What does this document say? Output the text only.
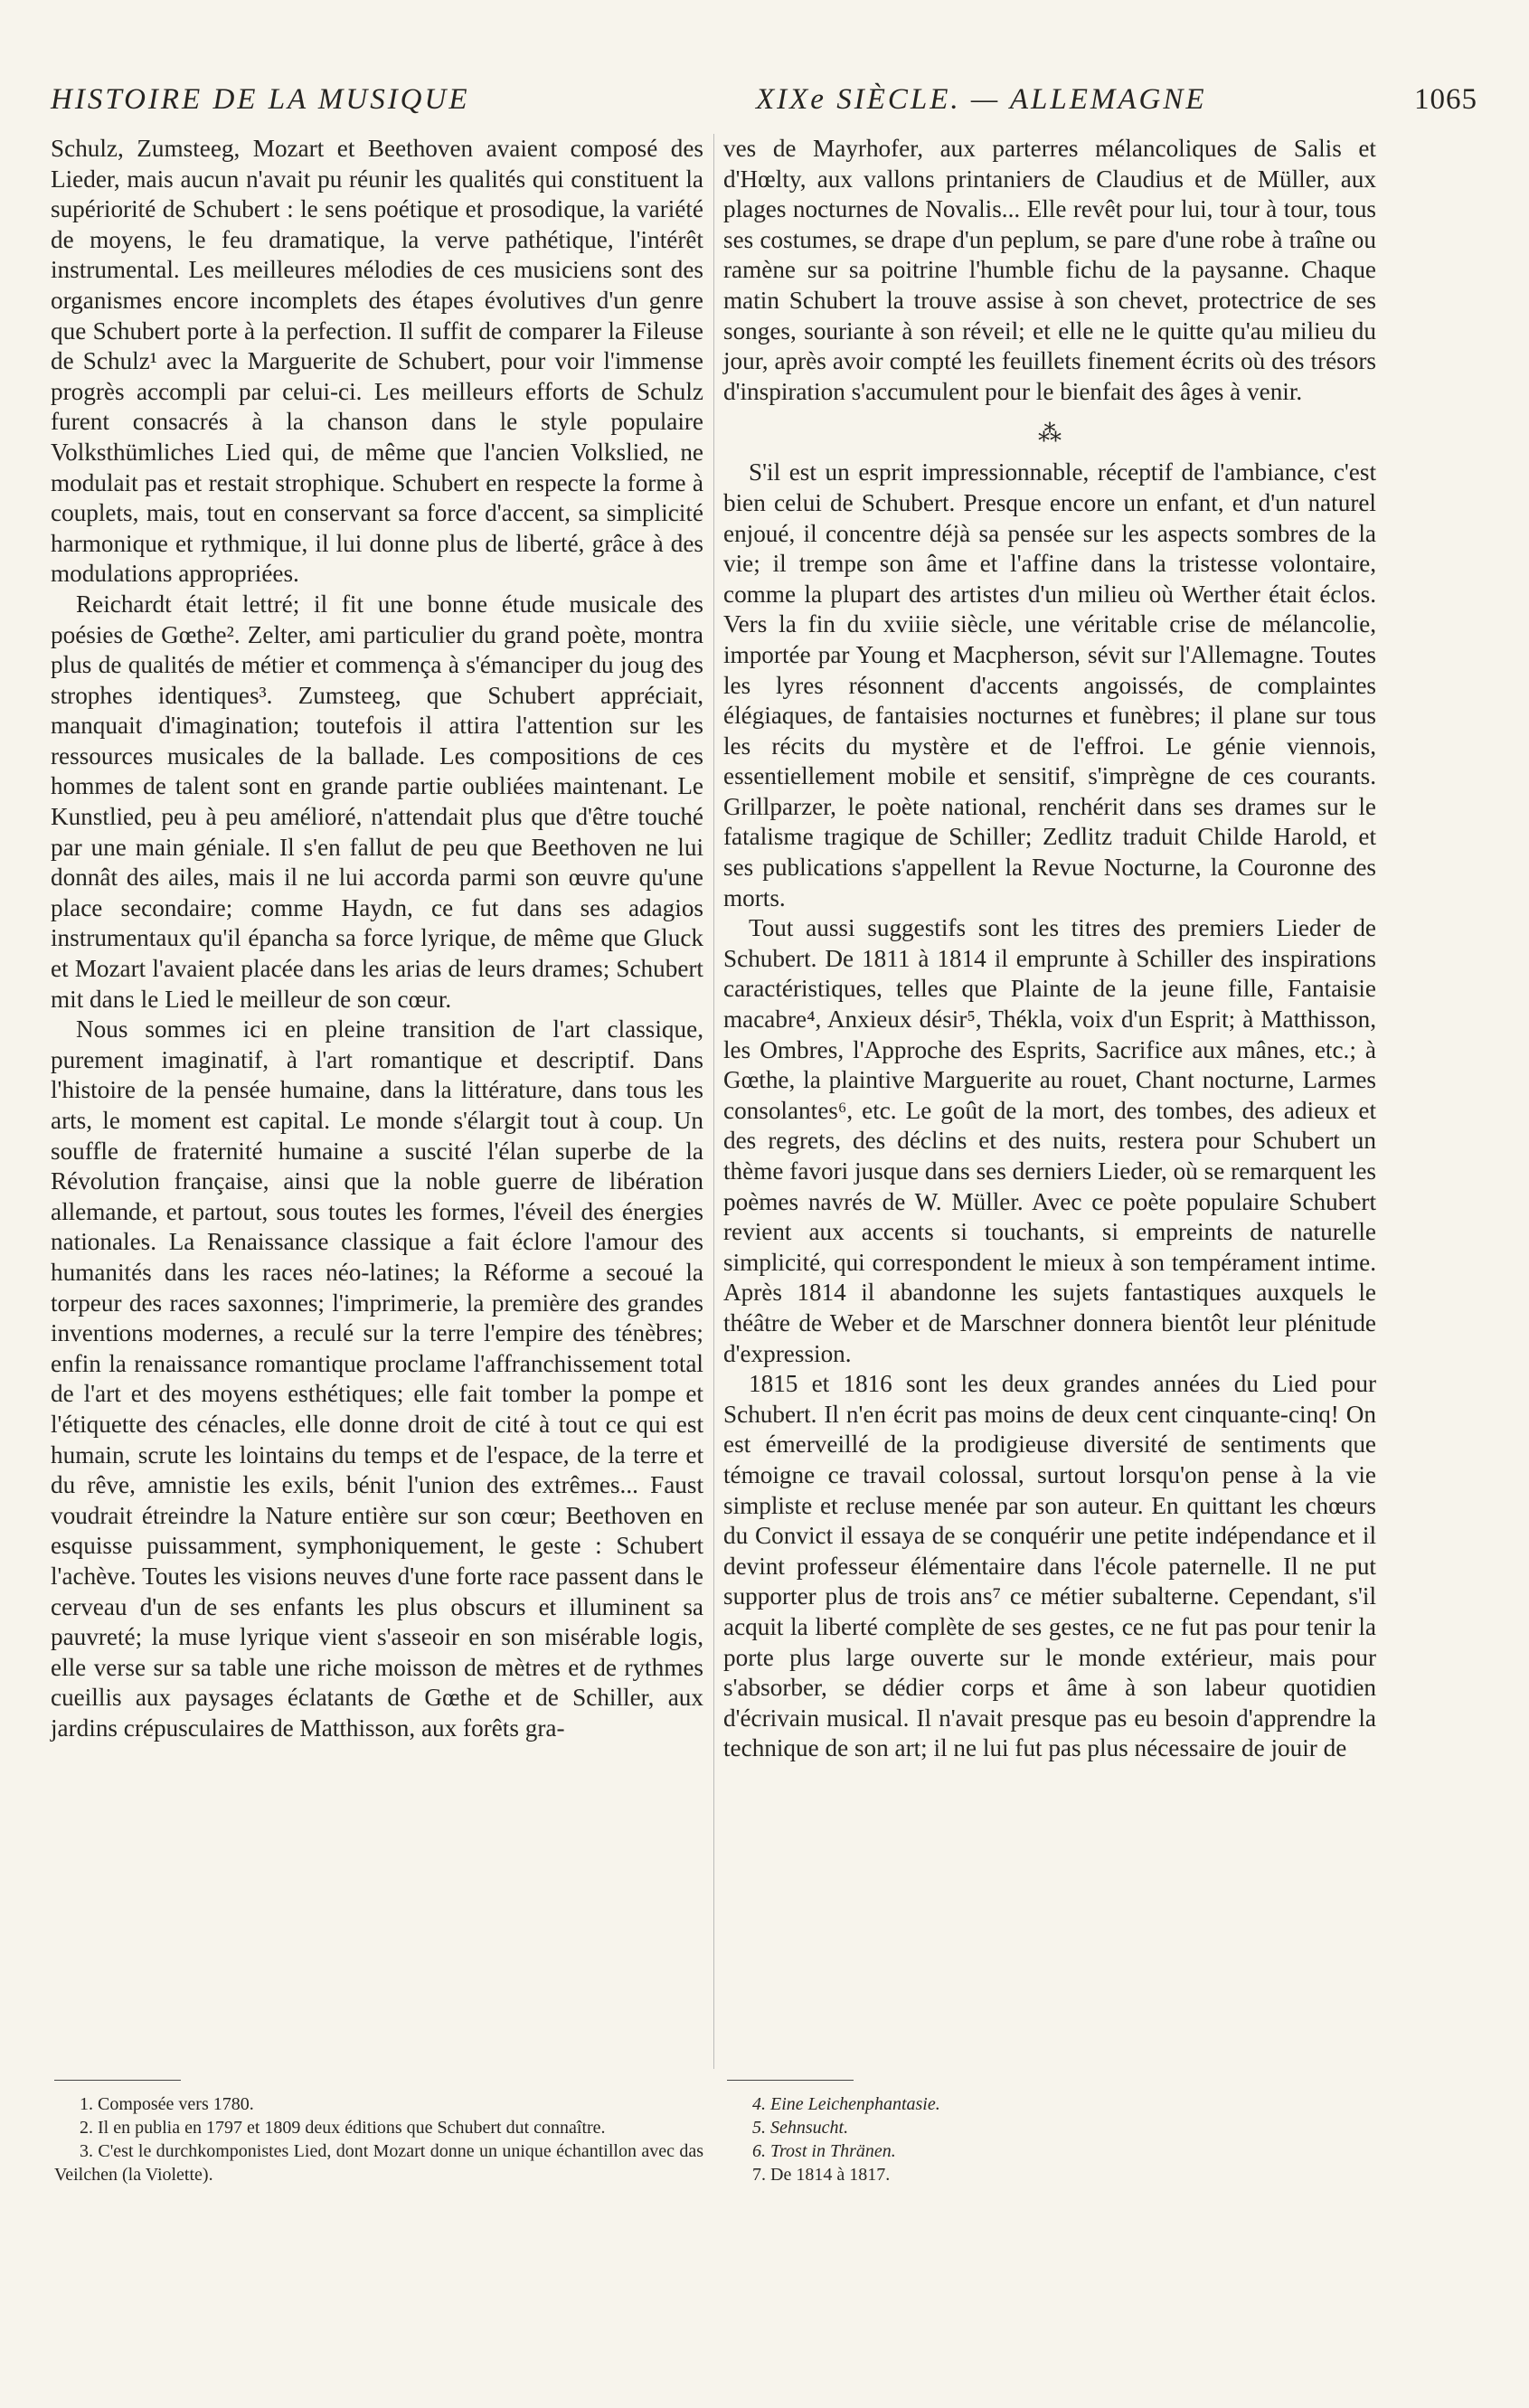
HISTOIRE DE LA MUSIQUE	XIXe SIÈCLE. — ALLEMAGNE	1065

Schulz, Zumsteeg, Mozart et Beethoven avaient composé des Lieder, mais aucun n'avait pu réunir les qualités qui constituent la supériorité de Schubert : le sens poétique et prosodique, la variété de moyens, le feu dramatique, la verve pathétique, l'intérêt instrumental. Les meilleures mélodies de ces musiciens sont des organismes encore incomplets des étapes évolutives d'un genre que Schubert porte à la perfection. Il suffit de comparer la Fileuse de Schulz¹ avec la Marguerite de Schubert, pour voir l'immense progrès accompli par celui-ci. Les meilleurs efforts de Schulz furent consacrés à la chanson dans le style populaire Volksthümliches Lied qui, de même que l'ancien Volkslied, ne modulait pas et restait strophique. Schubert en respecte la forme à couplets, mais, tout en conservant sa force d'accent, sa simplicité harmonique et rythmique, il lui donne plus de liberté, grâce à des modulations appropriées.

Reichardt était lettré; il fit une bonne étude musicale des poésies de Gœthe². Zelter, ami particulier du grand poète, montra plus de qualités de métier et commença à s'émanciper du joug des strophes identiques³. Zumsteeg, que Schubert appréciait, manquait d'imagination; toutefois il attira l'attention sur les ressources musicales de la ballade. Les compositions de ces hommes de talent sont en grande partie oubliées maintenant. Le Kunstlied, peu à peu amélioré, n'attendait plus que d'être touché par une main géniale. Il s'en fallut de peu que Beethoven ne lui donnât des ailes, mais il ne lui accorda parmi son œuvre qu'une place secondaire; comme Haydn, ce fut dans ses adagios instrumentaux qu'il épancha sa force lyrique, de même que Gluck et Mozart l'avaient placée dans les arias de leurs drames; Schubert mit dans le Lied le meilleur de son cœur.

Nous sommes ici en pleine transition de l'art classique, purement imaginatif, à l'art romantique et descriptif. Dans l'histoire de la pensée humaine, dans la littérature, dans tous les arts, le moment est capital. Le monde s'élargit tout à coup. Un souffle de fraternité humaine a suscité l'élan superbe de la Révolution française, ainsi que la noble guerre de libération allemande, et partout, sous toutes les formes, l'éveil des énergies nationales. La Renaissance classique a fait éclore l'amour des humanités dans les races néo-latines; la Réforme a secoué la torpeur des races saxonnes; l'imprimerie, la première des grandes inventions modernes, a reculé sur la terre l'empire des ténèbres; enfin la renaissance romantique proclame l'affranchissement total de l'art et des moyens esthétiques; elle fait tomber la pompe et l'étiquette des cénacles, elle donne droit de cité à tout ce qui est humain, scrute les lointains du temps et de l'espace, de la terre et du rêve, amnistie les exils, bénit l'union des extrêmes... Faust voudrait étreindre la Nature entière sur son cœur; Beethoven en esquisse puissamment, symphoniquement, le geste : Schubert l'achève. Toutes les visions neuves d'une forte race passent dans le cerveau d'un de ses enfants les plus obscurs et illuminent sa pauvreté; la muse lyrique vient s'asseoir en son misérable logis, elle verse sur sa table une riche moisson de mètres et de rythmes cueillis aux paysages éclatants de Gœthe et de Schiller, aux jardins crépusculaires de Matthisson, aux forêts gra-

ves de Mayrhofer, aux parterres mélancoliques de Salis et d'Hœlty, aux vallons printaniers de Claudius et de Müller, aux plages nocturnes de Novalis... Elle revêt pour lui, tour à tour, tous ses costumes, se drape d'un peplum, se pare d'une robe à traîne ou ramène sur sa poitrine l'humble fichu de la paysanne. Chaque matin Schubert la trouve assise à son chevet, protectrice de ses songes, souriante à son réveil; et elle ne le quitte qu'au milieu du jour, après avoir compté les feuillets finement écrits où des trésors d'inspiration s'accumulent pour le bienfait des âges à venir.

⁂

S'il est un esprit impressionnable, réceptif de l'ambiance, c'est bien celui de Schubert. Presque encore un enfant, et d'un naturel enjoué, il concentre déjà sa pensée sur les aspects sombres de la vie; il trempe son âme et l'affine dans la tristesse volontaire, comme la plupart des artistes d'un milieu où Werther était éclos. Vers la fin du xviiie siècle, une véritable crise de mélancolie, importée par Young et Macpherson, sévit sur l'Allemagne. Toutes les lyres résonnent d'accents angoissés, de complaintes élégiaques, de fantaisies nocturnes et funèbres; il plane sur tous les récits du mystère et de l'effroi. Le génie viennois, essentiellement mobile et sensitif, s'imprègne de ces courants. Grillparzer, le poète national, renchérit dans ses drames sur le fatalisme tragique de Schiller; Zedlitz traduit Childe Harold, et ses publications s'appellent la Revue Nocturne, la Couronne des morts.

Tout aussi suggestifs sont les titres des premiers Lieder de Schubert. De 1811 à 1814 il emprunte à Schiller des inspirations caractéristiques, telles que Plainte de la jeune fille, Fantaisie macabre⁴, Anxieux désir⁵, Thékla, voix d'un Esprit; à Matthisson, les Ombres, l'Approche des Esprits, Sacrifice aux mânes, etc.; à Gœthe, la plaintive Marguerite au rouet, Chant nocturne, Larmes consolantes⁶, etc. Le goût de la mort, des tombes, des adieux et des regrets, des déclins et des nuits, restera pour Schubert un thème favori jusque dans ses derniers Lieder, où se remarquent les poèmes navrés de W. Müller. Avec ce poète populaire Schubert revient aux accents si touchants, si empreints de naturelle simplicité, qui correspondent le mieux à son tempérament intime. Après 1814 il abandonne les sujets fantastiques auxquels le théâtre de Weber et de Marschner donnera bientôt leur plénitude d'expression.

1815 et 1816 sont les deux grandes années du Lied pour Schubert. Il n'en écrit pas moins de deux cent cinquante-cinq! On est émerveillé de la prodigieuse diversité de sentiments que témoigne ce travail colossal, surtout lorsqu'on pense à la vie simpliste et recluse menée par son auteur. En quittant les chœurs du Convict il essaya de se conquérir une petite indépendance et il devint professeur élémentaire dans l'école paternelle. Il ne put supporter plus de trois ans⁷ ce métier subalterne. Cependant, s'il acquit la liberté complète de ses gestes, ce ne fut pas pour tenir la porte plus large ouverte sur le monde extérieur, mais pour s'absorber, se dédier corps et âme à son labeur quotidien d'écrivain musical. Il n'avait presque pas eu besoin d'apprendre la technique de son art; il ne lui fut pas plus nécessaire de jouir de

1. Composée vers 1780.
2. Il en publia en 1797 et 1809 deux éditions que Schubert dut connaître.
3. C'est le durchkomponistes Lied, dont Mozart donne un unique échantillon avec das Veilchen (la Violette).
4. Eine Leichenphantasie.
5. Sehnsucht.
6. Trost in Thränen.
7. De 1814 à 1817.
